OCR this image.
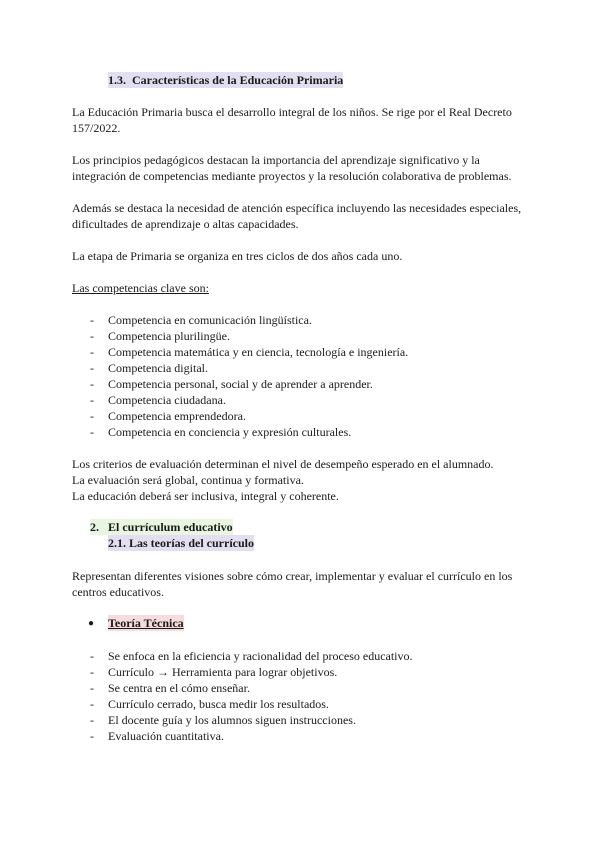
1.3. Características de la Educación Primaria
La Educación Primaria busca el desarrollo integral de los niños. Se rige por el Real Decreto
157/2022.
Los principios pedagógicos destacan la importancia del aprendizaje significativo y la
integración de competencias mediante proyectos y la resolución colaborativa de problemas.
Además se destaca la necesidad de atención específica incluyendo las necesidades especiales,
dificultades de aprendizaje o altas capacidades.
La etapa de Primaria se organiza en tres ciclos de dos años cada uno.
Las competencias clave son:
- Competencia en comunicación lingüística.
- Competencia plurilingüe.
- Competencia matemática y en ciencia, tecnología e ingeniería.
- Competencia digital.
- Competencia personal, social y de aprender a aprender.
- Competencia ciudadana.
- Competencia emprendedora.
- Competencia en conciencia y expresión culturales.
Los criterios de evaluación determinan el nivel de desempeño esperado en el alumnado.
La evaluación será global, continua y formativa.
La educación deberá ser inclusiva, integral y coherente.
2. El currículum educativo
2.1. Las teorías del currículo
Representan diferentes visiones sobre cómo crear, implementar y evaluar el currículo en los
centros educativos.
● Teoría Técnica
- Se enfoca en la eficiencia y racionalidad del proceso educativo.
- Currículo → Herramienta para lograr objetivos.
- Se centra en el cómo enseñar.
- Currículo cerrado, busca medir los resultados.
- El docente guía y los alumnos siguen instrucciones.
- Evaluación cuantitativa.
